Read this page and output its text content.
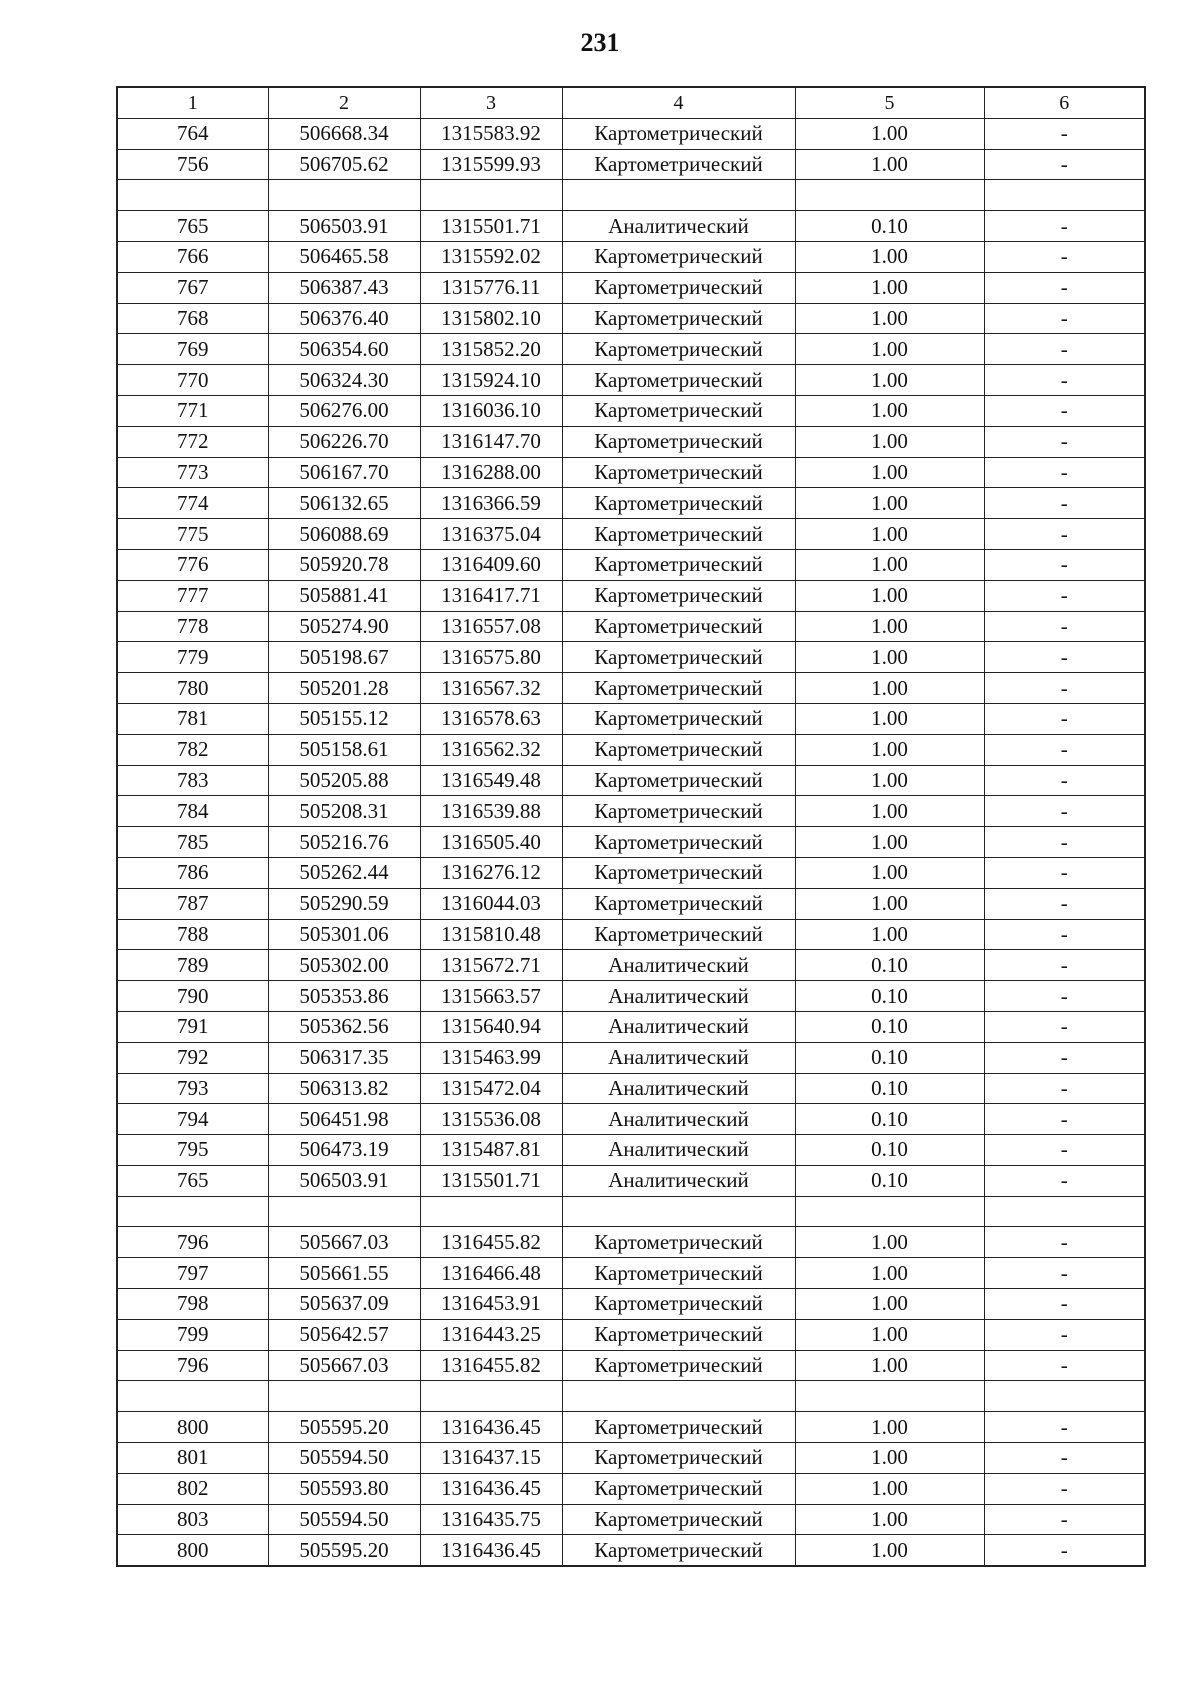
231
1	2	3	4	5	6
764	506668.34	1315583.92	Картометрический	1.00	-
756	506705.62	1315599.93	Картометрический	1.00	-

765	506503.91	1315501.71	Аналитический	0.10	-
766	506465.58	1315592.02	Картометрический	1.00	-
767	506387.43	1315776.11	Картометрический	1.00	-
768	506376.40	1315802.10	Картометрический	1.00	-
769	506354.60	1315852.20	Картометрический	1.00	-
770	506324.30	1315924.10	Картометрический	1.00	-
771	506276.00	1316036.10	Картометрический	1.00	-
772	506226.70	1316147.70	Картометрический	1.00	-
773	506167.70	1316288.00	Картометрический	1.00	-
774	506132.65	1316366.59	Картометрический	1.00	-
775	506088.69	1316375.04	Картометрический	1.00	-
776	505920.78	1316409.60	Картометрический	1.00	-
777	505881.41	1316417.71	Картометрический	1.00	-
778	505274.90	1316557.08	Картометрический	1.00	-
779	505198.67	1316575.80	Картометрический	1.00	-
780	505201.28	1316567.32	Картометрический	1.00	-
781	505155.12	1316578.63	Картометрический	1.00	-
782	505158.61	1316562.32	Картометрический	1.00	-
783	505205.88	1316549.48	Картометрический	1.00	-
784	505208.31	1316539.88	Картометрический	1.00	-
785	505216.76	1316505.40	Картометрический	1.00	-
786	505262.44	1316276.12	Картометрический	1.00	-
787	505290.59	1316044.03	Картометрический	1.00	-
788	505301.06	1315810.48	Картометрический	1.00	-
789	505302.00	1315672.71	Аналитический	0.10	-
790	505353.86	1315663.57	Аналитический	0.10	-
791	505362.56	1315640.94	Аналитический	0.10	-
792	506317.35	1315463.99	Аналитический	0.10	-
793	506313.82	1315472.04	Аналитический	0.10	-
794	506451.98	1315536.08	Аналитический	0.10	-
795	506473.19	1315487.81	Аналитический	0.10	-
765	506503.91	1315501.71	Аналитический	0.10	-

796	505667.03	1316455.82	Картометрический	1.00	-
797	505661.55	1316466.48	Картометрический	1.00	-
798	505637.09	1316453.91	Картометрический	1.00	-
799	505642.57	1316443.25	Картометрический	1.00	-
796	505667.03	1316455.82	Картометрический	1.00	-

800	505595.20	1316436.45	Картометрический	1.00	-
801	505594.50	1316437.15	Картометрический	1.00	-
802	505593.80	1316436.45	Картометрический	1.00	-
803	505594.50	1316435.75	Картометрический	1.00	-
800	505595.20	1316436.45	Картометрический	1.00	-
